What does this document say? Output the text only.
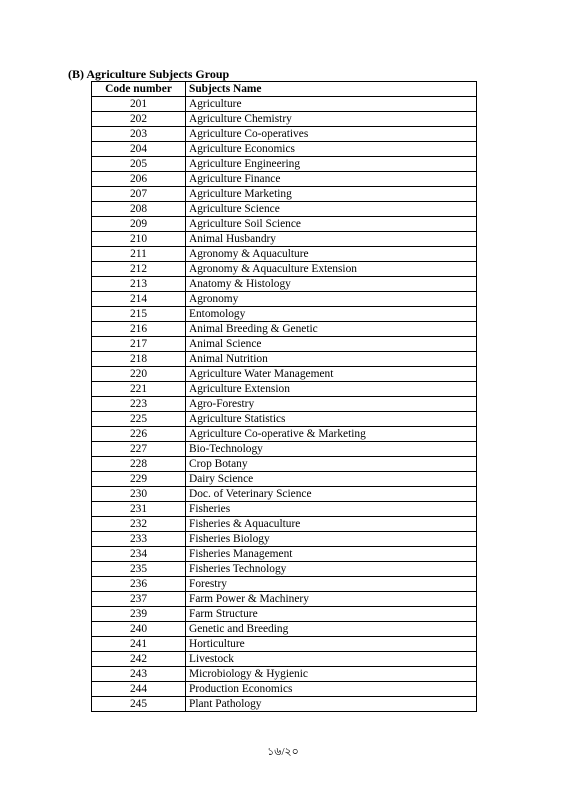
(B) Agriculture Subjects Group
Code number	Subjects Name
201	Agriculture
202	Agriculture Chemistry
203	Agriculture Co-operatives
204	Agriculture Economics
205	Agriculture Engineering
206	Agriculture Finance
207	Agriculture Marketing
208	Agriculture Science
209	Agriculture Soil Science
210	Animal Husbandry
211	Agronomy & Aquaculture
212	Agronomy & Aquaculture Extension
213	Anatomy & Histology
214	Agronomy
215	Entomology
216	Animal Breeding & Genetic
217	Animal Science
218	Animal Nutrition
220	Agriculture Water Management
221	Agriculture Extension
223	Agro-Forestry
225	Agriculture Statistics
226	Agriculture Co-operative & Marketing
227	Bio-Technology
228	Crop Botany
229	Dairy Science
230	Doc. of Veterinary Science
231	Fisheries
232	Fisheries & Aquaculture
233	Fisheries Biology
234	Fisheries Management
235	Fisheries Technology
236	Forestry
237	Farm Power & Machinery
239	Farm Structure
240	Genetic and Breeding
241	Horticulture
242	Livestock
243	Microbiology & Hygienic
244	Production Economics
245	Plant Pathology
১৬/২০
